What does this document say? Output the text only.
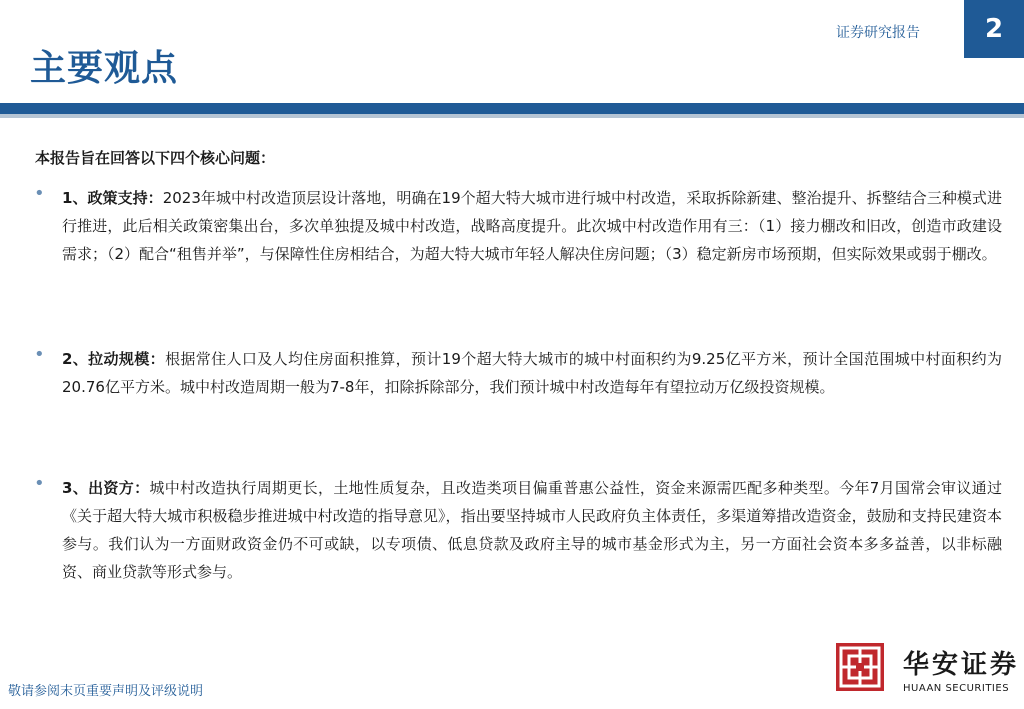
主要观点
证券研究报告 2
本报告旨在回答以下四个核心问题：
• 1、政策支持：2023年城中村改造顶层设计落地，明确在19个超大特大城市进行城中村改造，采取拆除新建、整治提升、拆整结合三种模式进行推进，此后相关政策密集出台，多次单独提及城中村改造，战略高度提升。此次城中村改造作用有三：（1）接力棚改和旧改，创造市政建设需求；（2）配合“租售并举”，与保障性住房相结合，为超大特大城市年轻人解决住房问题；（3）稳定新房市场预期，但实际效果或弱于棚改。
• 2、拉动规模：根据常住人口及人均住房面积推算，预计19个超大特大城市的城中村面积约为9.25亿平方米，预计全国范围城中村面积约为20.76亿平方米。城中村改造周期一般为7-8年，扣除拆除部分，我们预计城中村改造每年有望拉动万亿级投资规模。
• 3、出资方：城中村改造执行周期更长，土地性质复杂，且改造类项目偏重普惠公益性，资金来源需匹配多种类型。今年7月国常会审议通过《关于超大特大城市积极稳步推进城中村改造的指导意见》，指出要坚持城市人民政府负主体责任，多渠道筹措改造资金，鼓励和支持民建资本参与。我们认为一方面财政资金仍不可或缺，以专项债、低息贷款及政府主导的城市基金形式为主，另一方面社会资本多多益善，以非标融资、商业贷款等形式参与。
敬请参阅末页重要声明及评级说明
华安证券
HUAAN SECURITIES
